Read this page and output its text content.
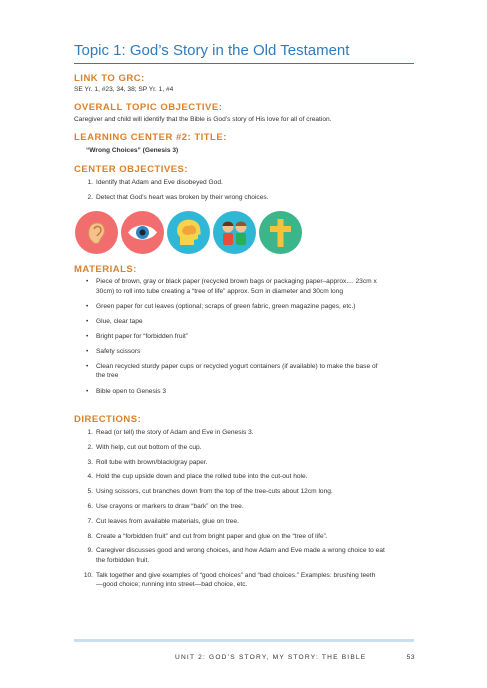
Topic 1: God’s Story in the Old Testament
LINK TO GRC:
SE Yr. 1, #23, 34, 38; SP Yr. 1, #4
OVERALL TOPIC OBJECTIVE:
Caregiver and child will identify that the Bible is God’s story of His love for all of creation.
LEARNING CENTER #2: TITLE:
“Wrong Choices” (Genesis 3)
CENTER OBJECTIVES:
1. Identify that Adam and Eve disobeyed God.
2. Detect that God’s heart was broken by their wrong choices.
MATERIALS:
•	Piece of brown, gray or black paper (recycled brown bags or packaging paper–approx.... 23cm x
30cm) to roll into tube creating a “tree of life” approx. 5cm in diameter and 30cm long
•	Green paper for cut leaves (optional; scraps of green fabric, green magazine pages, etc.)
•	Glue, clear tape
•	Bright paper for “forbidden fruit”
•	Safety scissors
•	Clean recycled sturdy paper cups or recycled yogurt containers (if available) to make the base of
the tree
•	Bible open to Genesis 3
DIRECTIONS:
1. Read (or tell) the story of Adam and Eve in Genesis 3.
2. With help, cut out bottom of the cup.
3. Roll tube with brown/black/gray paper.
4. Hold the cup upside down and place the rolled tube into the cut-out hole.
5. Using scissors, cut branches down from the top of the tree-cuts about 12cm long.
6. Use crayons or markers to draw “bark” on the tree.
7. Cut leaves from available materials, glue on tree.
8. Create a “forbidden fruit” and cut from bright paper and glue on the “tree of life”.
9. Caregiver discusses good and wrong choices, and how Adam and Eve made a wrong choice to eat
the forbidden fruit.
10. Talk together and give examples of “good choices” and “bad choices.” Examples: brushing teeth
—good choice; running into street—bad choice, etc.
UNIT 2: GOD’S STORY, MY STORY: THE BIBLE	53
